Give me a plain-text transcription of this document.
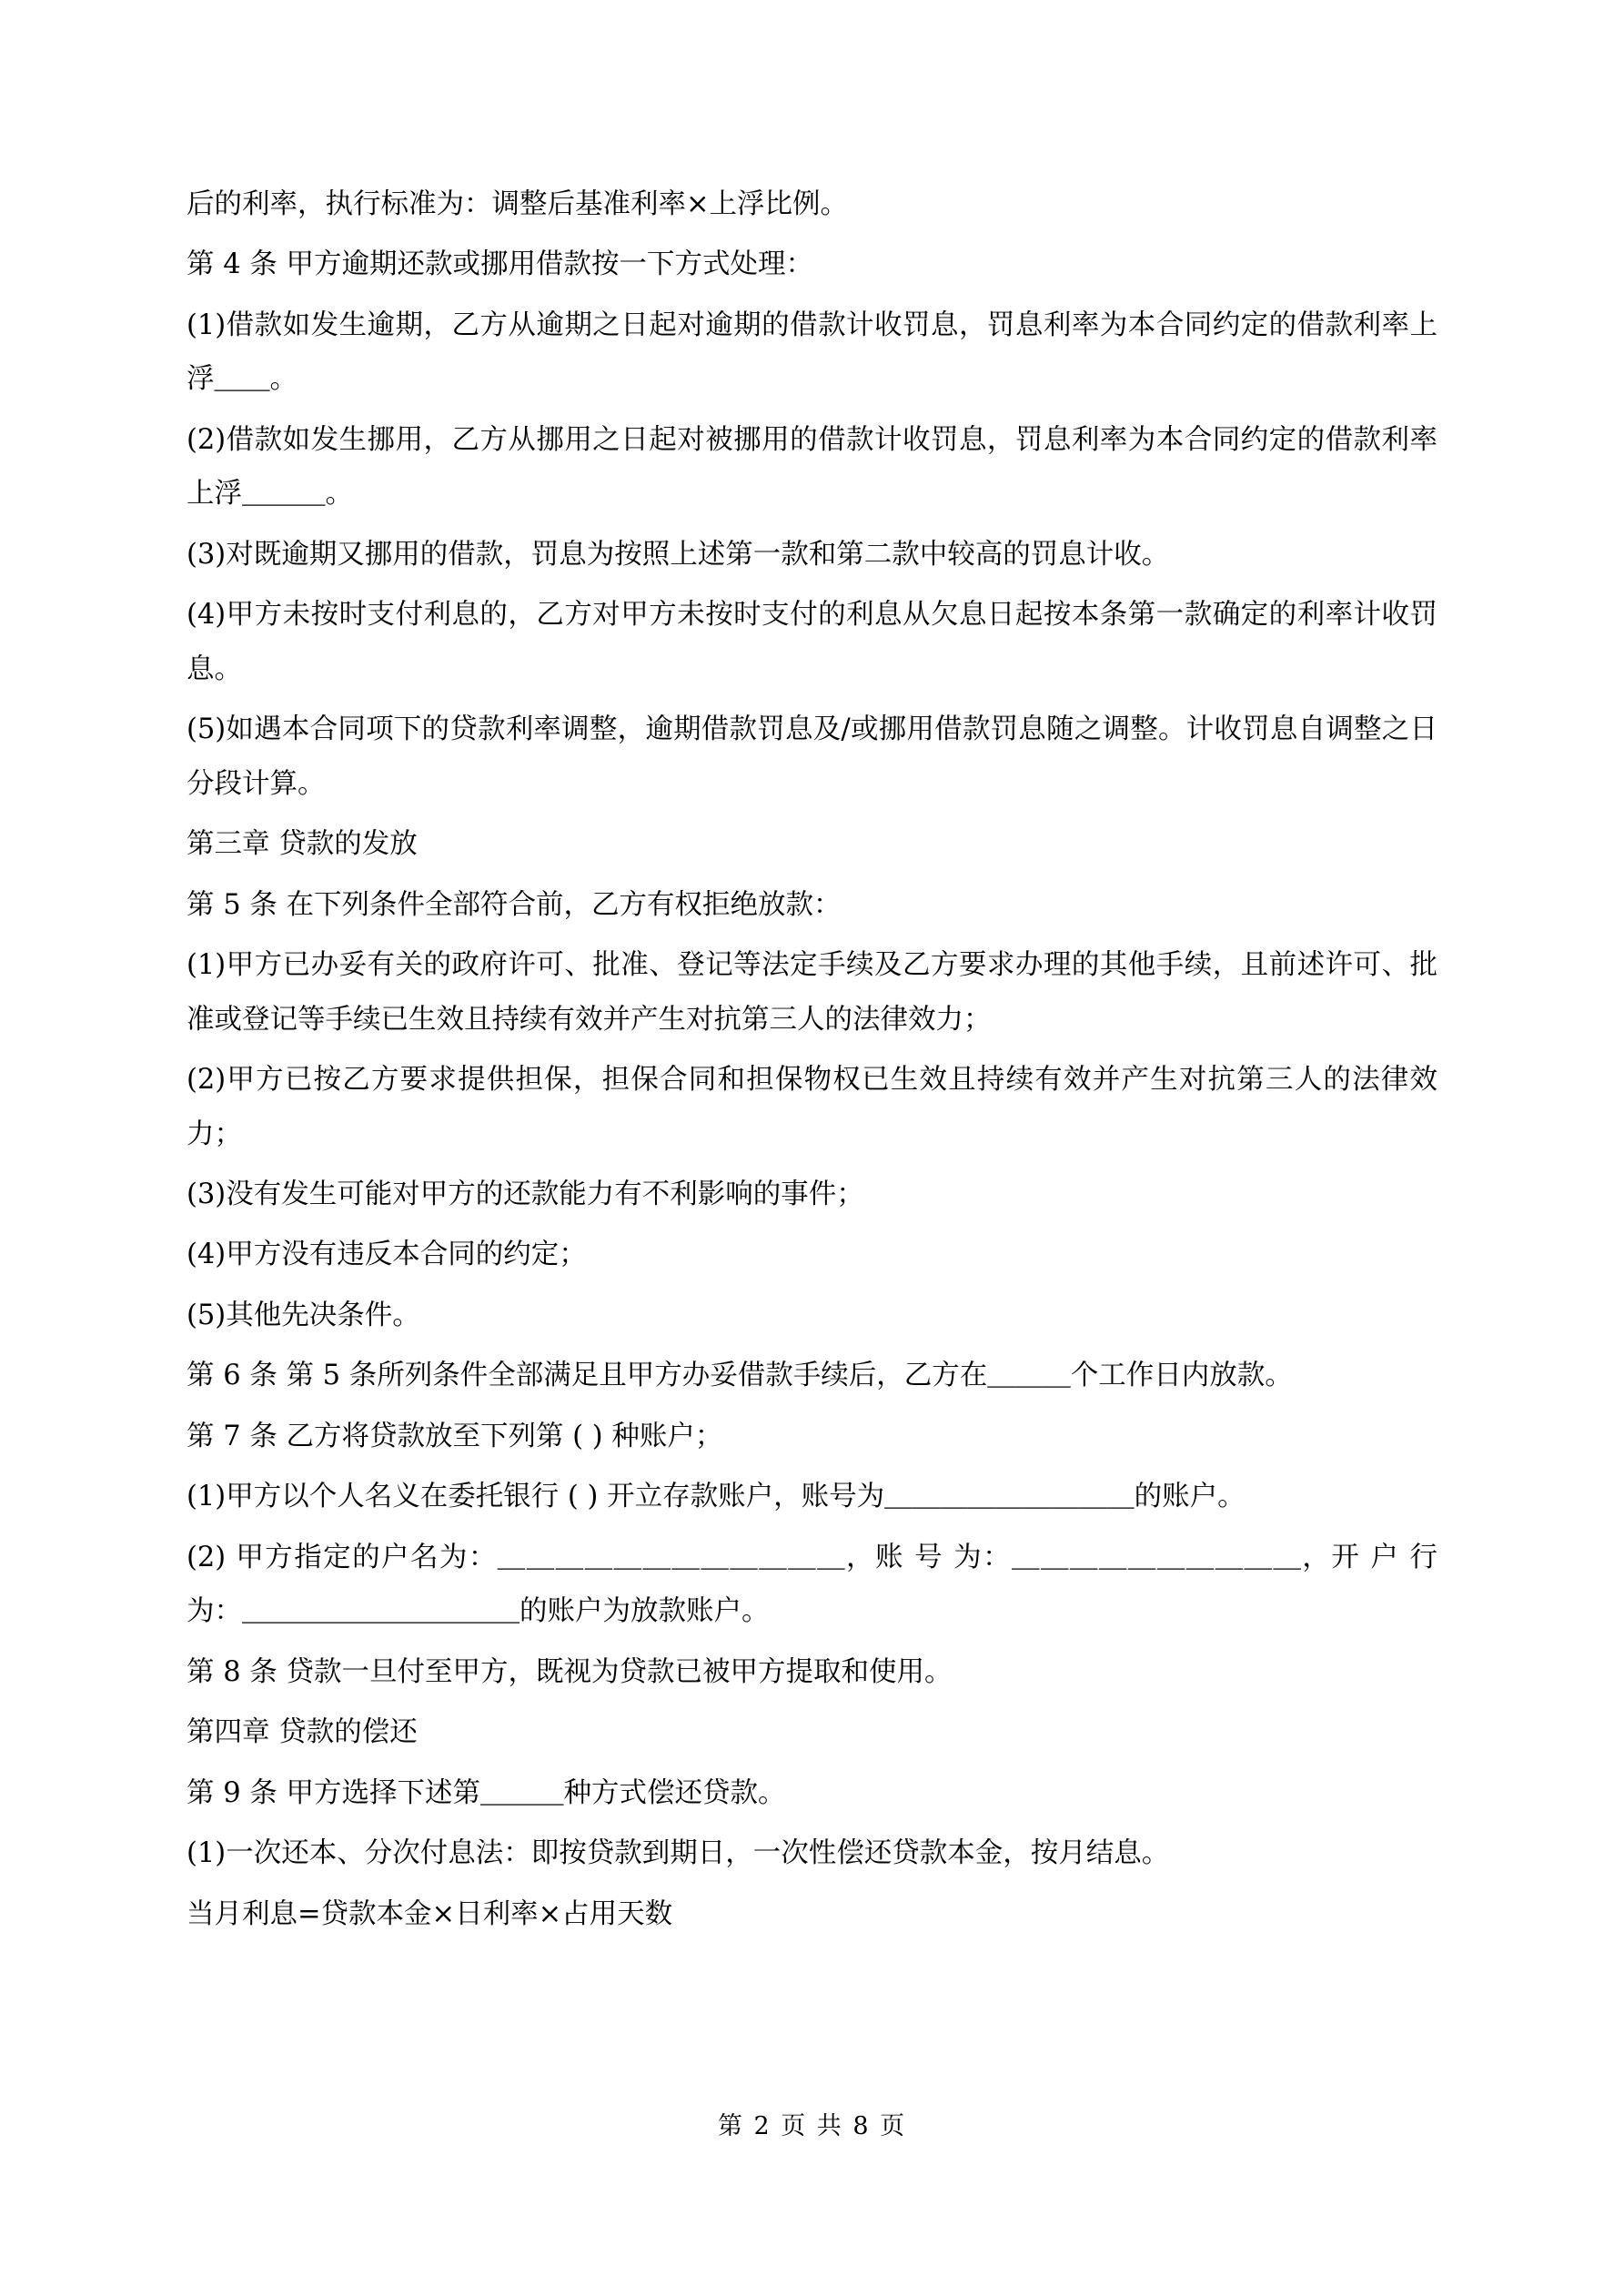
后的利率，执行标准为：调整后基准利率×上浮比例。

第 4 条 甲方逾期还款或挪用借款按一下方式处理：

(1)借款如发生逾期，乙方从逾期之日起对逾期的借款计收罚息，罚息利率为本合同约定的借款利率上浮＿＿。

(2)借款如发生挪用，乙方从挪用之日起对被挪用的借款计收罚息，罚息利率为本合同约定的借款利率上浮＿＿＿。

(3)对既逾期又挪用的借款，罚息为按照上述第一款和第二款中较高的罚息计收。

(4)甲方未按时支付利息的，乙方对甲方未按时支付的利息从欠息日起按本条第一款确定的利率计收罚息。

(5)如遇本合同项下的贷款利率调整，逾期借款罚息及/或挪用借款罚息随之调整。计收罚息自调整之日分段计算。

第三章 贷款的发放

第 5 条 在下列条件全部符合前，乙方有权拒绝放款：

(1)甲方已办妥有关的政府许可、批准、登记等法定手续及乙方要求办理的其他手续，且前述许可、批准或登记等手续已生效且持续有效并产生对抗第三人的法律效力；

(2)甲方已按乙方要求提供担保，担保合同和担保物权已生效且持续有效并产生对抗第三人的法律效力；

(3)没有发生可能对甲方的还款能力有不利影响的事件；

(4)甲方没有违反本合同的约定；

(5)其他先决条件。

第 6 条 第 5 条所列条件全部满足且甲方办妥借款手续后，乙方在＿＿＿个工作日内放款。

第 7 条 乙方将贷款放至下列第 ( ) 种账户；

(1)甲方以个人名义在委托银行 ( ) 开立存款账户，账号为＿＿＿＿＿＿＿＿＿的账户。

(2) 甲方指定的户名为：＿＿＿＿＿＿＿＿＿＿＿＿，账 号 为：＿＿＿＿＿＿＿＿＿＿，开 户 行 为：＿＿＿＿＿＿＿＿＿＿的账户为放款账户。

第 8 条 贷款一旦付至甲方，既视为贷款已被甲方提取和使用。

第四章 贷款的偿还

第 9 条 甲方选择下述第＿＿＿种方式偿还贷款。

(1)一次还本、分次付息法：即按贷款到期日，一次性偿还贷款本金，按月结息。

当月利息=贷款本金×日利率×占用天数

第 2 页 共 8 页
